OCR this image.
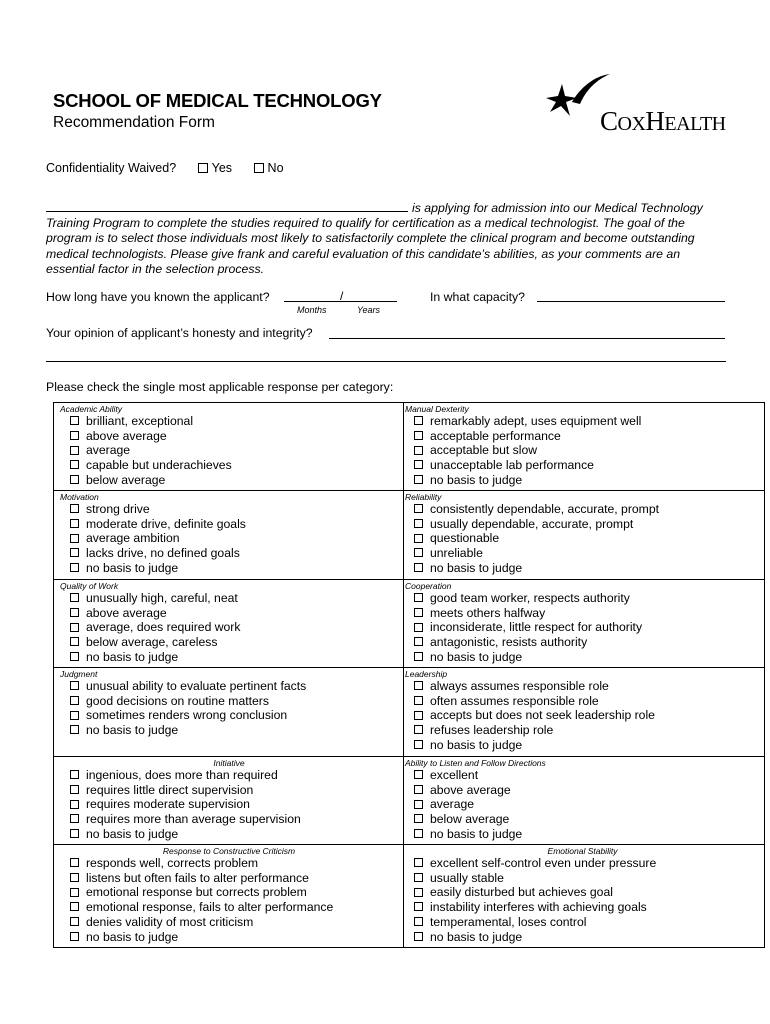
SCHOOL OF MEDICAL TECHNOLOGY
Recommendation Form	COXHEALTH
Confidentiality Waived?	Yes	No
is applying for admission into our Medical Technology Training Program to complete the studies required to qualify for certification as a medical technologist. The goal of the program is to select those individuals most likely to satisfactorily complete the clinical program and become outstanding medical technologists. Please give frank and careful evaluation of this candidate’s abilities, as your comments are an essential factor in the selection process.
How long have you known the applicant?	/
Months	Years
In what capacity?
Your opinion of applicant’s honesty and integrity?
Please check the single most applicable response per category:
Academic Ability
brilliant, exceptional
above average
average
capable but underachieves
below average
Manual Dexterity
remarkably adept, uses equipment well
acceptable performance
acceptable but slow
unacceptable lab performance
no basis to judge
Motivation
strong drive
moderate drive, definite goals
average ambition
lacks drive, no defined goals
no basis to judge
Reliability
consistently dependable, accurate, prompt
usually dependable, accurate, prompt
questionable
unreliable
no basis to judge
Quality of Work
unusually high, careful, neat
above average
average, does required work
below average, careless
no basis to judge
Cooperation
good team worker, respects authority
meets others halfway
inconsiderate, little respect for authority
antagonistic, resists authority
no basis to judge
Judgment
unusual ability to evaluate pertinent facts
good decisions on routine matters
sometimes renders wrong conclusion
no basis to judge
Leadership
always assumes responsible role
often assumes responsible role
accepts but does not seek leadership role
refuses leadership role
no basis to judge
Initiative
ingenious, does more than required
requires little direct supervision
requires moderate supervision
requires more than average supervision
no basis to judge
Ability to Listen and Follow Directions
excellent
above average
average
below average
no basis to judge
Response to Constructive Criticism
responds well, corrects problem
listens but often fails to alter performance
emotional response but corrects problem
emotional response, fails to alter performance
denies validity of most criticism
no basis to judge
Emotional Stability
excellent self-control even under pressure
usually stable
easily disturbed but achieves goal
instability interferes with achieving goals
temperamental, loses control
no basis to judge
